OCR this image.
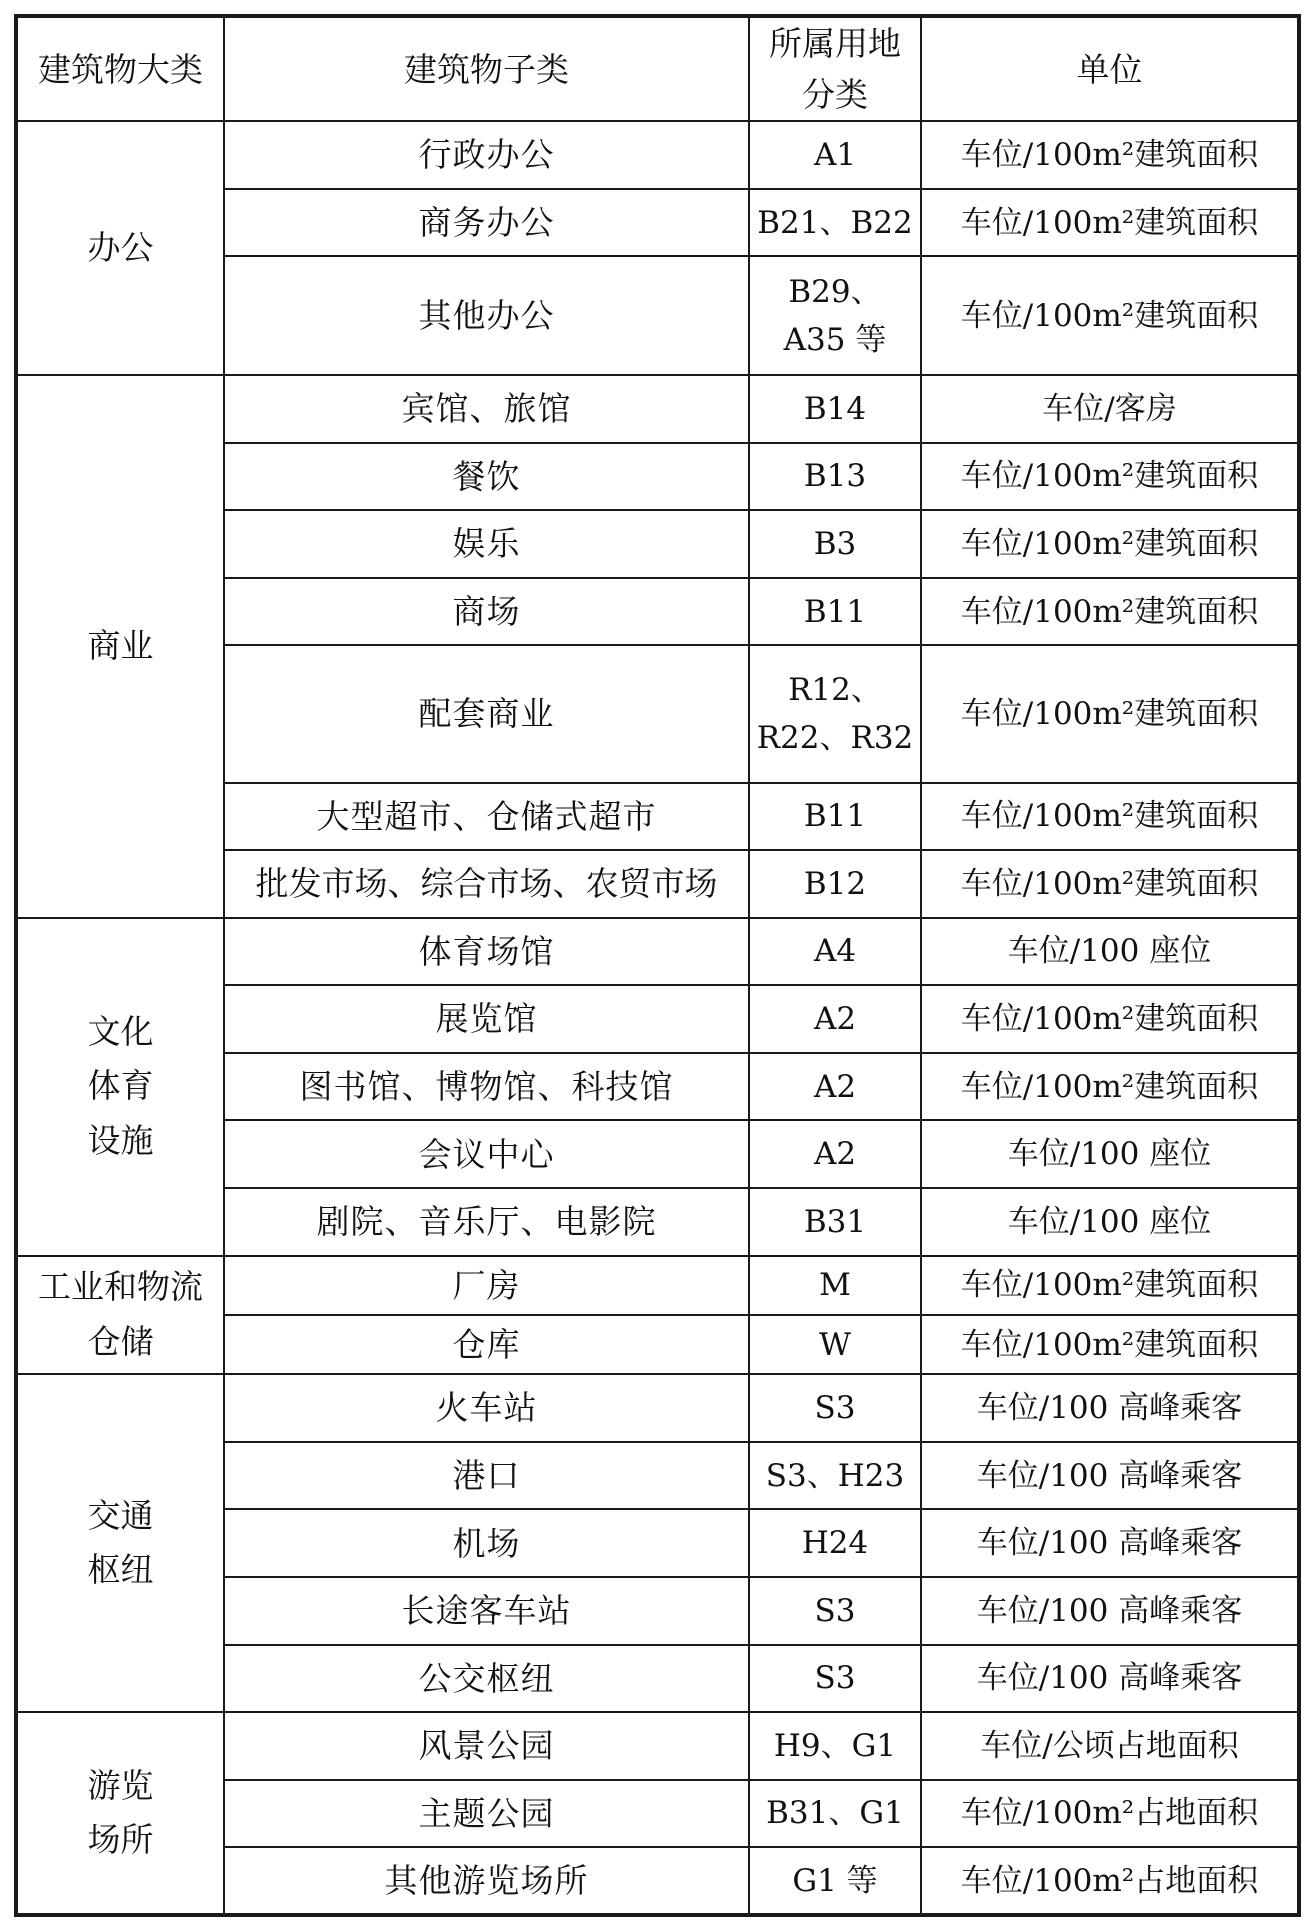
建筑物大类	建筑物子类	所属用地分类	单位
办公	行政办公	A1	车位/100m²建筑面积
	商务办公	B21、B22	车位/100m²建筑面积
	其他办公	B29、A35 等	车位/100m²建筑面积
商业	宾馆、旅馆	B14	车位/客房
	餐饮	B13	车位/100m²建筑面积
	娱乐	B3	车位/100m²建筑面积
	商场	B11	车位/100m²建筑面积
	配套商业	R12、R22、R32	车位/100m²建筑面积
	大型超市、仓储式超市	B11	车位/100m²建筑面积
	批发市场、综合市场、农贸市场	B12	车位/100m²建筑面积
文化体育设施	体育场馆	A4	车位/100 座位
	展览馆	A2	车位/100m²建筑面积
	图书馆、博物馆、科技馆	A2	车位/100m²建筑面积
	会议中心	A2	车位/100 座位
	剧院、音乐厅、电影院	B31	车位/100 座位
工业和物流仓储	厂房	M	车位/100m²建筑面积
	仓库	W	车位/100m²建筑面积
交通枢纽	火车站	S3	车位/100 高峰乘客
	港口	S3、H23	车位/100 高峰乘客
	机场	H24	车位/100 高峰乘客
	长途客车站	S3	车位/100 高峰乘客
	公交枢纽	S3	车位/100 高峰乘客
游览场所	风景公园	H9、G1	车位/公顷占地面积
	主题公园	B31、G1	车位/100m²占地面积
	其他游览场所	G1 等	车位/100m²占地面积
